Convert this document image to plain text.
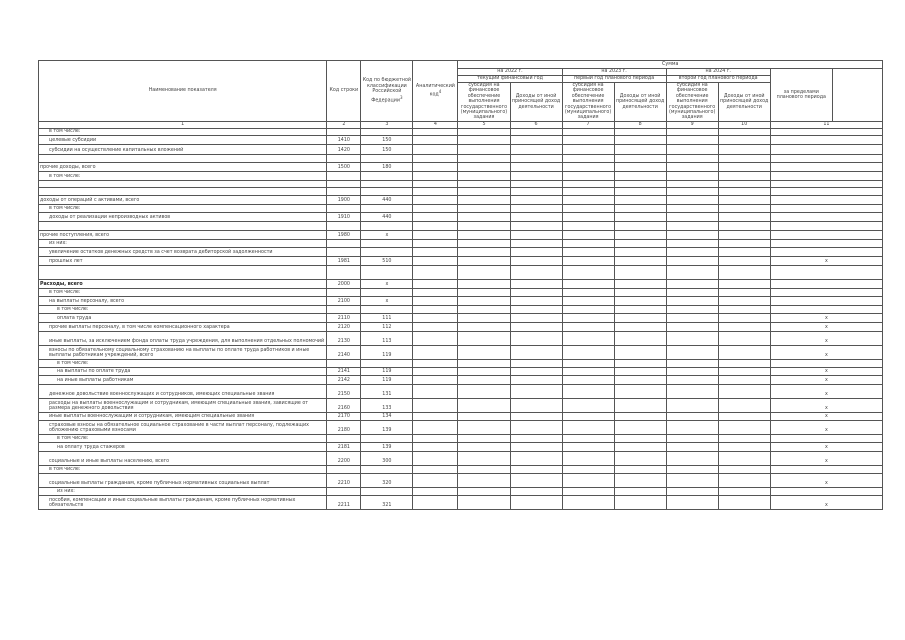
Наименование показателя	Код строки	Код по бюджетной классификации Российской Федерации$^3$	Аналитический код$^4$	Сумма							
				на 2022 г.		на 2023 г.		на 2024 г.		за пределами планового периода	
				текущий финансовый год		первый год планового периода		второй год планового периода			
				субсидия на финансовое обеспечение выполнения государственного (муниципального) задания	Доходы от иной приносящей доход деятельности	субсидия на финансовое обеспечение выполнения государственного (муниципального) задания	Доходы от иной приносящей доход деятельности	субсидия на финансовое обеспечение выполнения государственного (муниципального) задания	Доходы от иной приносящей доход деятельности		
1	2	3	4	5	6	7	8	9	10	11	
в том числе:											
целевые субсидии	1410	150									
субсидии на осуществление капитальных вложений	1420	150									

прочие доходы, всего	1500	180									
в том числе:											

доходы от операций с активами, всего	1900	440									
в том числе:											
доходы от реализации непроизводных активов	1910	440									

прочие поступления, всего	1980	x									
из них:											
увеличение остатков денежных средств за счет возврата дебиторской задолженности											
прошлых лет	1981	510								x	

Расходы, всего	2000	x									
в том числе:											
на выплаты персоналу, всего	2100	x									
в том числе:											
оплата труда	2110	111								x	
прочие выплаты персоналу, в том числе компенсационного характера	2120	112								x	
иные выплаты, за исключением фонда оплаты труда учреждения, для выполнения отдельных полномочий	2130	113								x	
взносы по обязательному социальному страхованию на выплаты по оплате труда работников и иные выплаты работникам учреждений, всего	2140	119								x	
в том числе:											
на выплаты по оплате труда	2141	119								x	
на иные выплаты работникам	2142	119								x	
денежное довольствие военнослужащих и сотрудников, имеющих специальные звания	2150	131								x	
расходы на выплаты военнослужащим и сотрудникам, имеющим специальные звания, зависящие от размера денежного довольствия	2160	133								x	
иные выплаты военнослужащим и сотрудникам, имеющим специальные звания	2170	134								x	
страховые взносы на обязательное социальное страхование в части выплат персоналу, подлежащих обложению страховыми взносами	2180	139								x	
в том числе:											
на оплату труда стажеров	2181	139								x	
социальные и иные выплаты населению, всего	2200	300								x	
в том числе:											
социальные выплаты гражданам, кроме публичных нормативных социальных выплат	2210	320								x	
из них:											
пособия, компенсации и иные социальные выплаты гражданам, кроме публичных нормативных обязательств	2211	321								x	
